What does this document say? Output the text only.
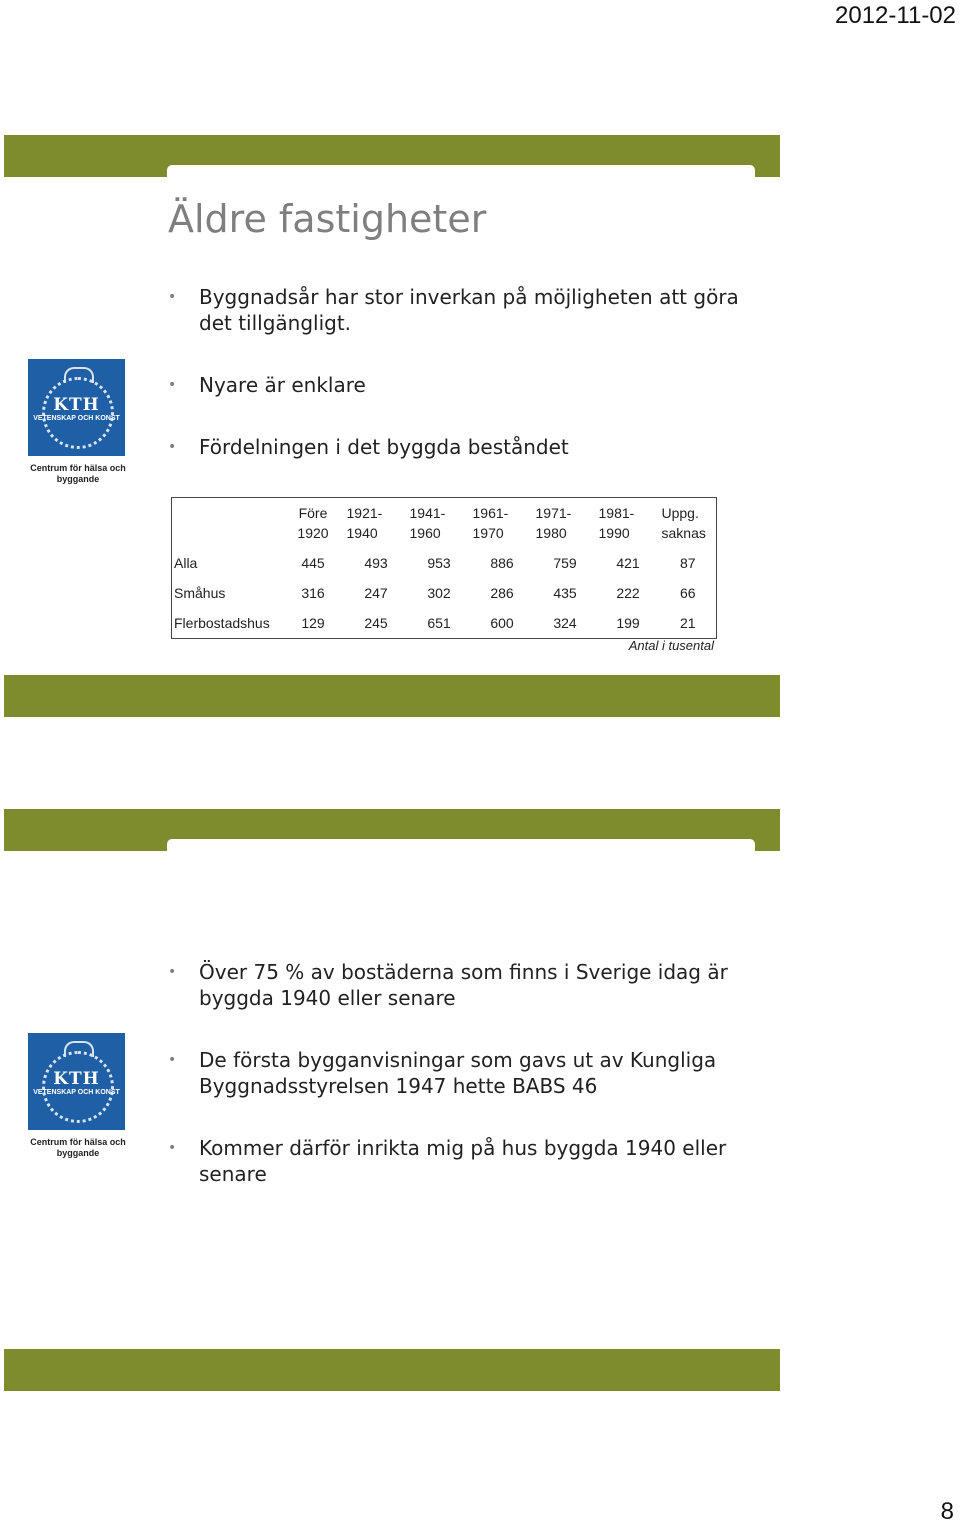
2012-11-02
KTH
VETENSKAP OCH KONST
Centrum för hälsa och byggande
Äldre fastigheter
• Byggnadsår har stor inverkan på möjligheten att göra det tillgängligt.
• Nyare är enklare
• Fördelningen i det byggda beståndet
	Före 1920	1921-1940	1941-1960	1961-1970	1971-1980	1981-1990	Uppg. saknas
Alla	445	493	953	886	759	421	87
Småhus	316	247	302	286	435	222	66
Flerbostadshus	129	245	651	600	324	199	21
Antal i tusental
KTH
VETENSKAP OCH KONST
Centrum för hälsa och byggande
• Över 75 % av bostäderna som finns i Sverige idag är byggda 1940 eller senare
• De första bygganvisningar som gavs ut av Kungliga Byggnadsstyrelsen 1947 hette BABS 46
• Kommer därför inrikta mig på hus byggda 1940 eller senare
8
